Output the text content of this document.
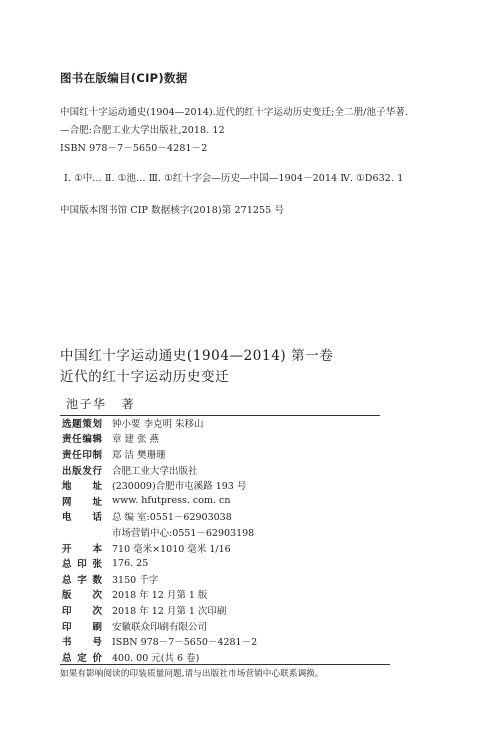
图书在版编目(CIP)数据
中国红十字运动通史(1904—2014).近代的红十字运动历史变迁;全二册/池子华著.
—合肥:合肥工业大学出版社,2018. 12
ISBN 978－7－5650－4281－2
Ⅰ. ①中… Ⅱ. ①池… Ⅲ. ①红十字会—历史—中国—1904－2014 Ⅳ. ①D632. 1
中国版本图书馆 CIP 数据核字(2018)第 271255 号
中国红十字运动通史(1904—2014) 第一卷
近代的红十字运动历史变迁
池子华 著
选 题 策 划	钟小要 李克明 朱移山

责 任 编 辑	章 建 张 燕

责 任 印 制	郑 洁 樊珊珊

出 版 发 行	合肥工业大学出版社

地 址	(230009)合肥市屯溪路 193 号

网 址	www. hfutpress. com. cn

电 话	总 编 室:0551－62903038

	市场营销中心:0551－62903198

开 本	710 毫米×1010 毫米 1/16

总 印 张	176. 25

总 字 数	3150 千字

版 次	2018 年 12 月第 1 版

印 次	2018 年 12 月第 1 次印刷

印 刷	安徽联众印刷有限公司

书 号	ISBN 978－7－5650－4281－2

总 定 价	400. 00 元(共 6 卷)
如果有影响阅读的印装质量问题,请与出版社市场营销中心联系调换。
